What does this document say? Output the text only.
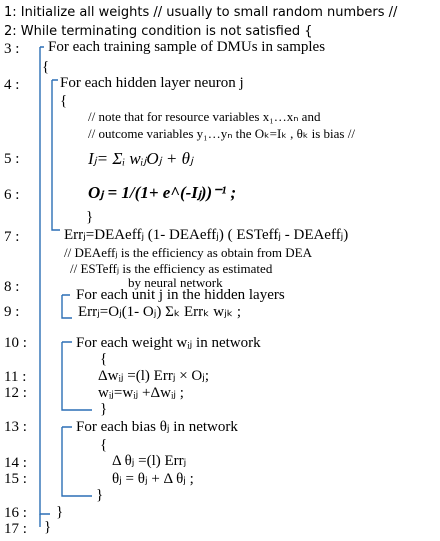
1: Initialize all weights // usually to small random numbers //
2: While terminating condition is not satisfied {
3 : For each training sample of DMUs in samples
{
4 :	For each hidden layer neuron j
{
// note that for resource variables x₁…xₙ and
// outcome variables y₁…yₙ the Oₖ=Iₖ , θₖ is bias //
5 :	Iⱼ= Σᵢ wᵢⱼOⱼ + θⱼ
6 :	Oⱼ = 1/(1+ e^(-Iⱼ))⁻¹ ;
}
7 :	Errⱼ=DEAeffⱼ (1- DEAeffⱼ) ( ESTeffⱼ - DEAeffⱼ)
// DEAeffⱼ is the efficiency as obtain from DEA
// ESTeffⱼ is the efficiency as estimated
8 :	by neural network
For each unit j in the hidden layers
9 :	Errⱼ=Oⱼ(1- Oⱼ) Σₖ Errₖ wⱼₖ ;
10 :	For each weight wᵢⱼ in network
{
11 :	Δwᵢⱼ =(l) Errⱼ × Oⱼ;
12 :	wᵢⱼ=wᵢⱼ +Δwᵢⱼ ;
}
13 :	For each bias θⱼ in network
{
14 :	Δ θⱼ =(l) Errⱼ
15 :	θⱼ = θⱼ + Δ θⱼ ;
}
16 : }
17 : }
